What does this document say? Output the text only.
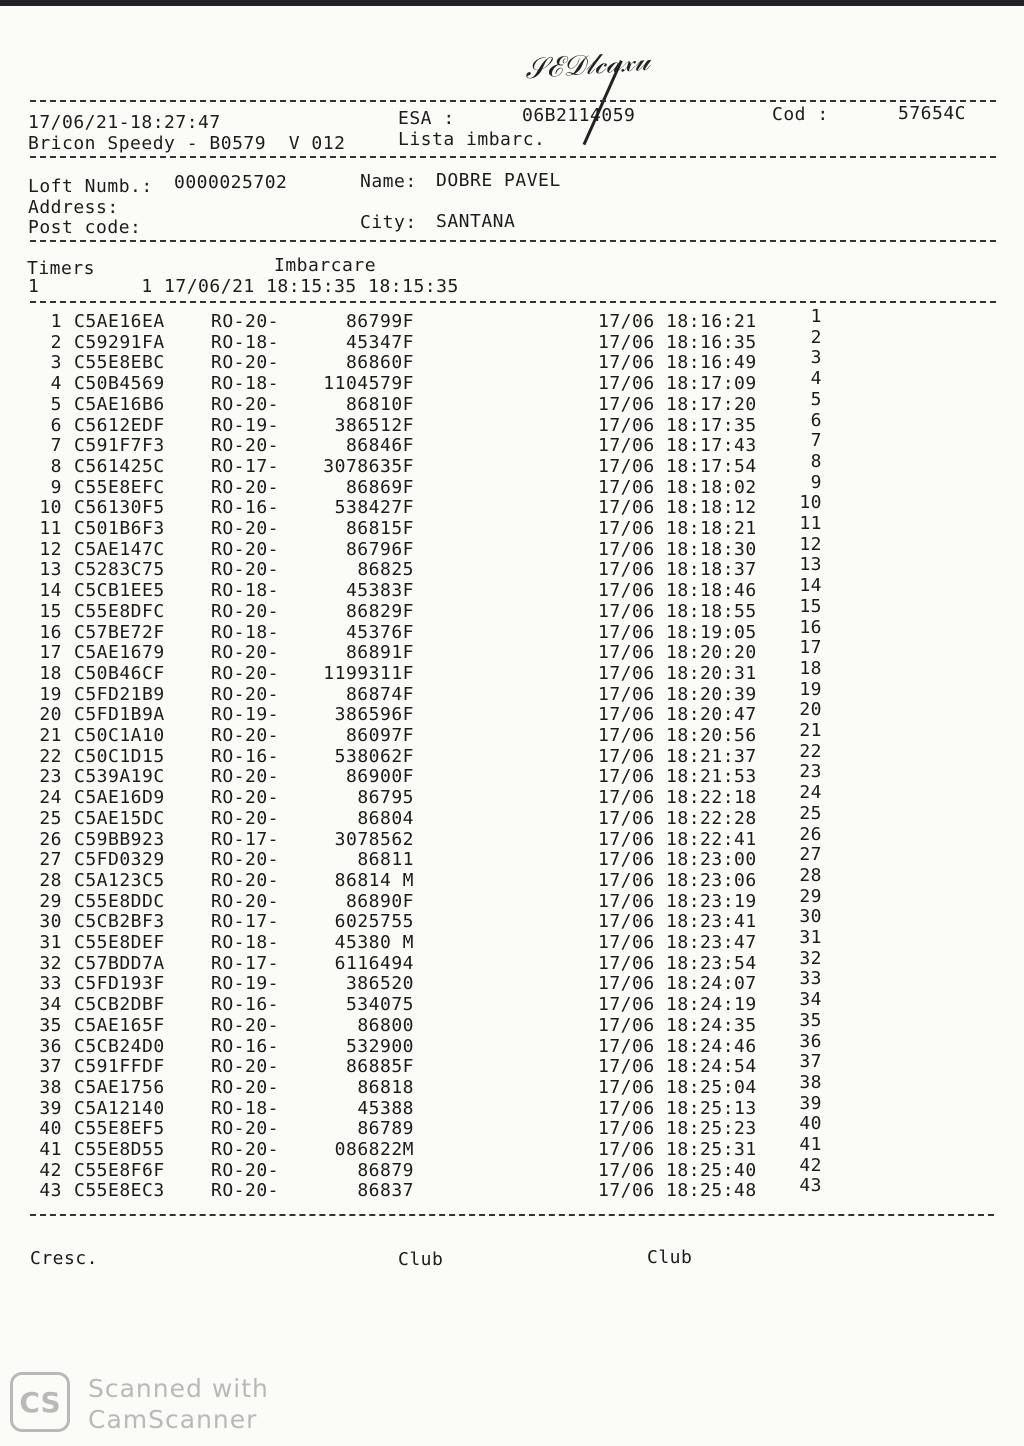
𝒮ℰ𝒟𝓁𝒸𝒶𝓍𝓊
17/06/21-18:27:47	ESA :	06B2114059	Cod :	57654C
Bricon Speedy - B0579  V 012	Lista imbarc.
Loft Numb.: 0000025702	Name: DOBRE PAVEL
Address:
Post code:	City: SANTANA
Imbarcare
Timers
1         1 17/06/21 18:15:35 18:15:35
1 C5AE16EA	RO-20-	86799F	17/06 18:16:21	1
2 C59291FA	RO-18-	45347F	17/06 18:16:35	2
3 C55E8EBC	RO-20-	86860F	17/06 18:16:49	3
4 C50B4569	RO-18-	1104579F	17/06 18:17:09	4
5 C5AE16B6	RO-20-	86810F	17/06 18:17:20	5
6 C5612EDF	RO-19-	386512F	17/06 18:17:35	6
7 C591F7F3	RO-20-	86846F	17/06 18:17:43	7
8 C561425C	RO-17-	3078635F	17/06 18:17:54	8
9 C55E8EFC	RO-20-	86869F	17/06 18:18:02	9
10 C56130F5	RO-16-	538427F	17/06 18:18:12	10
11 C501B6F3	RO-20-	86815F	17/06 18:18:21	11
12 C5AE147C	RO-20-	86796F	17/06 18:18:30	12
13 C5283C75	RO-20-	86825	17/06 18:18:37	13
14 C5CB1EE5	RO-18-	45383F	17/06 18:18:46	14
15 C55E8DFC	RO-20-	86829F	17/06 18:18:55	15
16 C57BE72F	RO-18-	45376F	17/06 18:19:05	16
17 C5AE1679	RO-20-	86891F	17/06 18:20:20	17
18 C50B46CF	RO-20-	1199311F	17/06 18:20:31	18
19 C5FD21B9	RO-20-	86874F	17/06 18:20:39	19
20 C5FD1B9A	RO-19-	386596F	17/06 18:20:47	20
21 C50C1A10	RO-20-	86097F	17/06 18:20:56	21
22 C50C1D15	RO-16-	538062F	17/06 18:21:37	22
23 C539A19C	RO-20-	86900F	17/06 18:21:53	23
24 C5AE16D9	RO-20-	86795	17/06 18:22:18	24
25 C5AE15DC	RO-20-	86804	17/06 18:22:28	25
26 C59BB923	RO-17-	3078562	17/06 18:22:41	26
27 C5FD0329	RO-20-	86811	17/06 18:23:00	27
28 C5A123C5	RO-20-	86814 M	17/06 18:23:06	28
29 C55E8DDC	RO-20-	86890F	17/06 18:23:19	29
30 C5CB2BF3	RO-17-	6025755	17/06 18:23:41	30
31 C55E8DEF	RO-18-	45380 M	17/06 18:23:47	31
32 C57BDD7A	RO-17-	6116494	17/06 18:23:54	32
33 C5FD193F	RO-19-	386520	17/06 18:24:07	33
34 C5CB2DBF	RO-16-	534075	17/06 18:24:19	34
35 C5AE165F	RO-20-	86800	17/06 18:24:35	35
36 C5CB24D0	RO-16-	532900	17/06 18:24:46	36
37 C591FFDF	RO-20-	86885F	17/06 18:24:54	37
38 C5AE1756	RO-20-	86818	17/06 18:25:04	38
39 C5A12140	RO-18-	45388	17/06 18:25:13	39
40 C55E8EF5	RO-20-	86789	17/06 18:25:23	40
41 C55E8D55	RO-20-	086822M	17/06 18:25:31	41
42 C55E8F6F	RO-20-	86879	17/06 18:25:40	42
43 C55E8EC3	RO-20-	86837	17/06 18:25:48	43
Cresc.	Club	Club
CS	Scanned with
CamScanner
